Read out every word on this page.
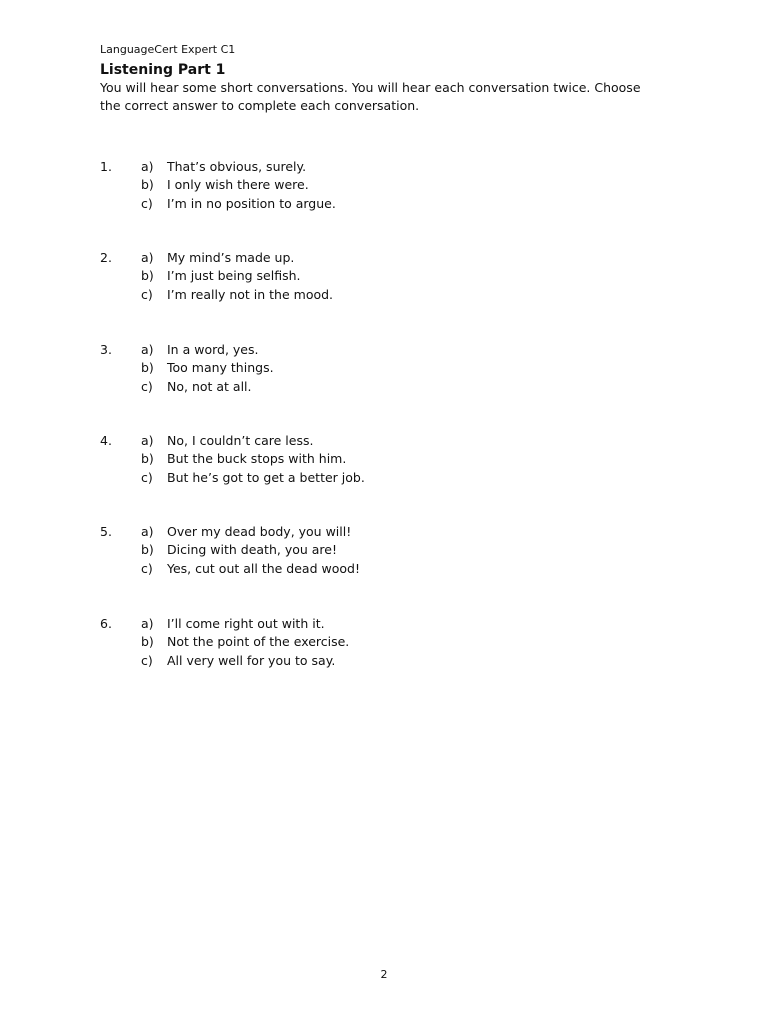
LanguageCert Expert C1
Listening Part 1
You will hear some short conversations. You will hear each conversation twice. Choose the correct answer to complete each conversation.
1. a) That’s obvious, surely.
b) I only wish there were.
c) I’m in no position to argue.
2. a) My mind’s made up.
b) I’m just being selfish.
c) I’m really not in the mood.
3. a) In a word, yes.
b) Too many things.
c) No, not at all.
4. a) No, I couldn’t care less.
b) But the buck stops with him.
c) But he’s got to get a better job.
5. a) Over my dead body, you will!
b) Dicing with death, you are!
c) Yes, cut out all the dead wood!
6. a) I’ll come right out with it.
b) Not the point of the exercise.
c) All very well for you to say.
2
